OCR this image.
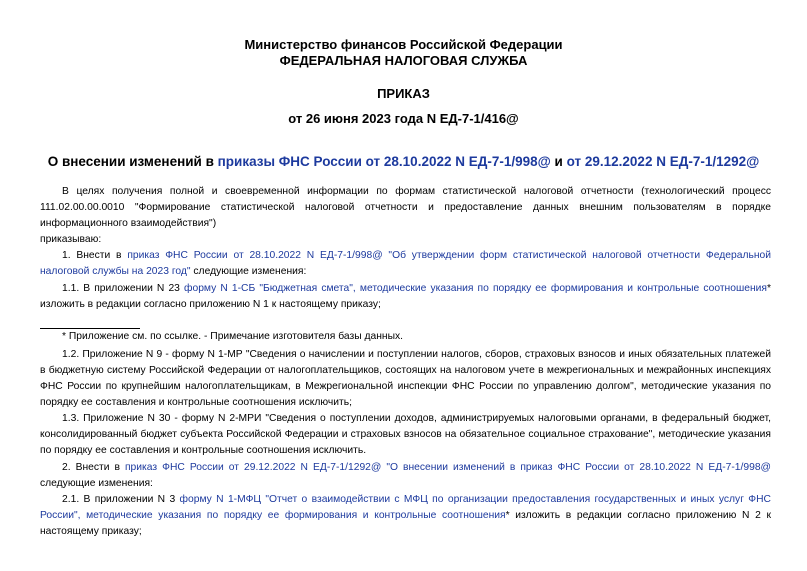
Министерство финансов Российской Федерации
ФЕДЕРАЛЬНАЯ НАЛОГОВАЯ СЛУЖБА
ПРИКАЗ
от 26 июня 2023 года N ЕД-7-1/416@
О внесении изменений в приказы ФНС России от 28.10.2022 N ЕД-7-1/998@ и от 29.12.2022 N ЕД-7-1/1292@

В целях получения полной и своевременной информации по формам статистической налоговой отчетности (технологический процесс 111.02.00.00.0010 "Формирование статистической налоговой отчетности и предоставление данных внешним пользователям в порядке информационного взаимодействия")

приказываю:

1. Внести в приказ ФНС России от 28.10.2022 N ЕД-7-1/998@ "Об утверждении форм статистической налоговой отчетности Федеральной налоговой службы на 2023 год" следующие изменения:

1.1. В приложении N 23 форму N 1-СБ "Бюджетная смета", методические указания по порядку ее формирования и контрольные соотношения* изложить в редакции согласно приложению N 1 к настоящему приказу;

* Приложение см. по ссылке. - Примечание изготовителя базы данных.

1.2. Приложение N 9 - форму N 1-МР "Сведения о начислении и поступлении налогов, сборов, страховых взносов и иных обязательных платежей в бюджетную систему Российской Федерации от налогоплательщиков, состоящих на налоговом учете в межрегиональных и межрайонных инспекциях ФНС России по крупнейшим налогоплательщикам, в Межрегиональной инспекции ФНС России по управлению долгом", методические указания по порядку ее составления и контрольные соотношения исключить;

1.3. Приложение N 30 - форму N 2-МРИ "Сведения о поступлении доходов, администрируемых налоговыми органами, в федеральный бюджет, консолидированный бюджет субъекта Российской Федерации и страховых взносов на обязательное социальное страхование", методические указания по порядку ее составления и контрольные соотношения исключить.

2. Внести в приказ ФНС России от 29.12.2022 N ЕД-7-1/1292@ "О внесении изменений в приказ ФНС России от 28.10.2022 N ЕД-7-1/998@ следующие изменения:

2.1. В приложении N 3 форму N 1-МФЦ "Отчет о взаимодействии с МФЦ по организации предоставления государственных и иных услуг ФНС России", методические указания по порядку ее формирования и контрольные соотношения* изложить в редакции согласно приложению N 2 к настоящему приказу;
